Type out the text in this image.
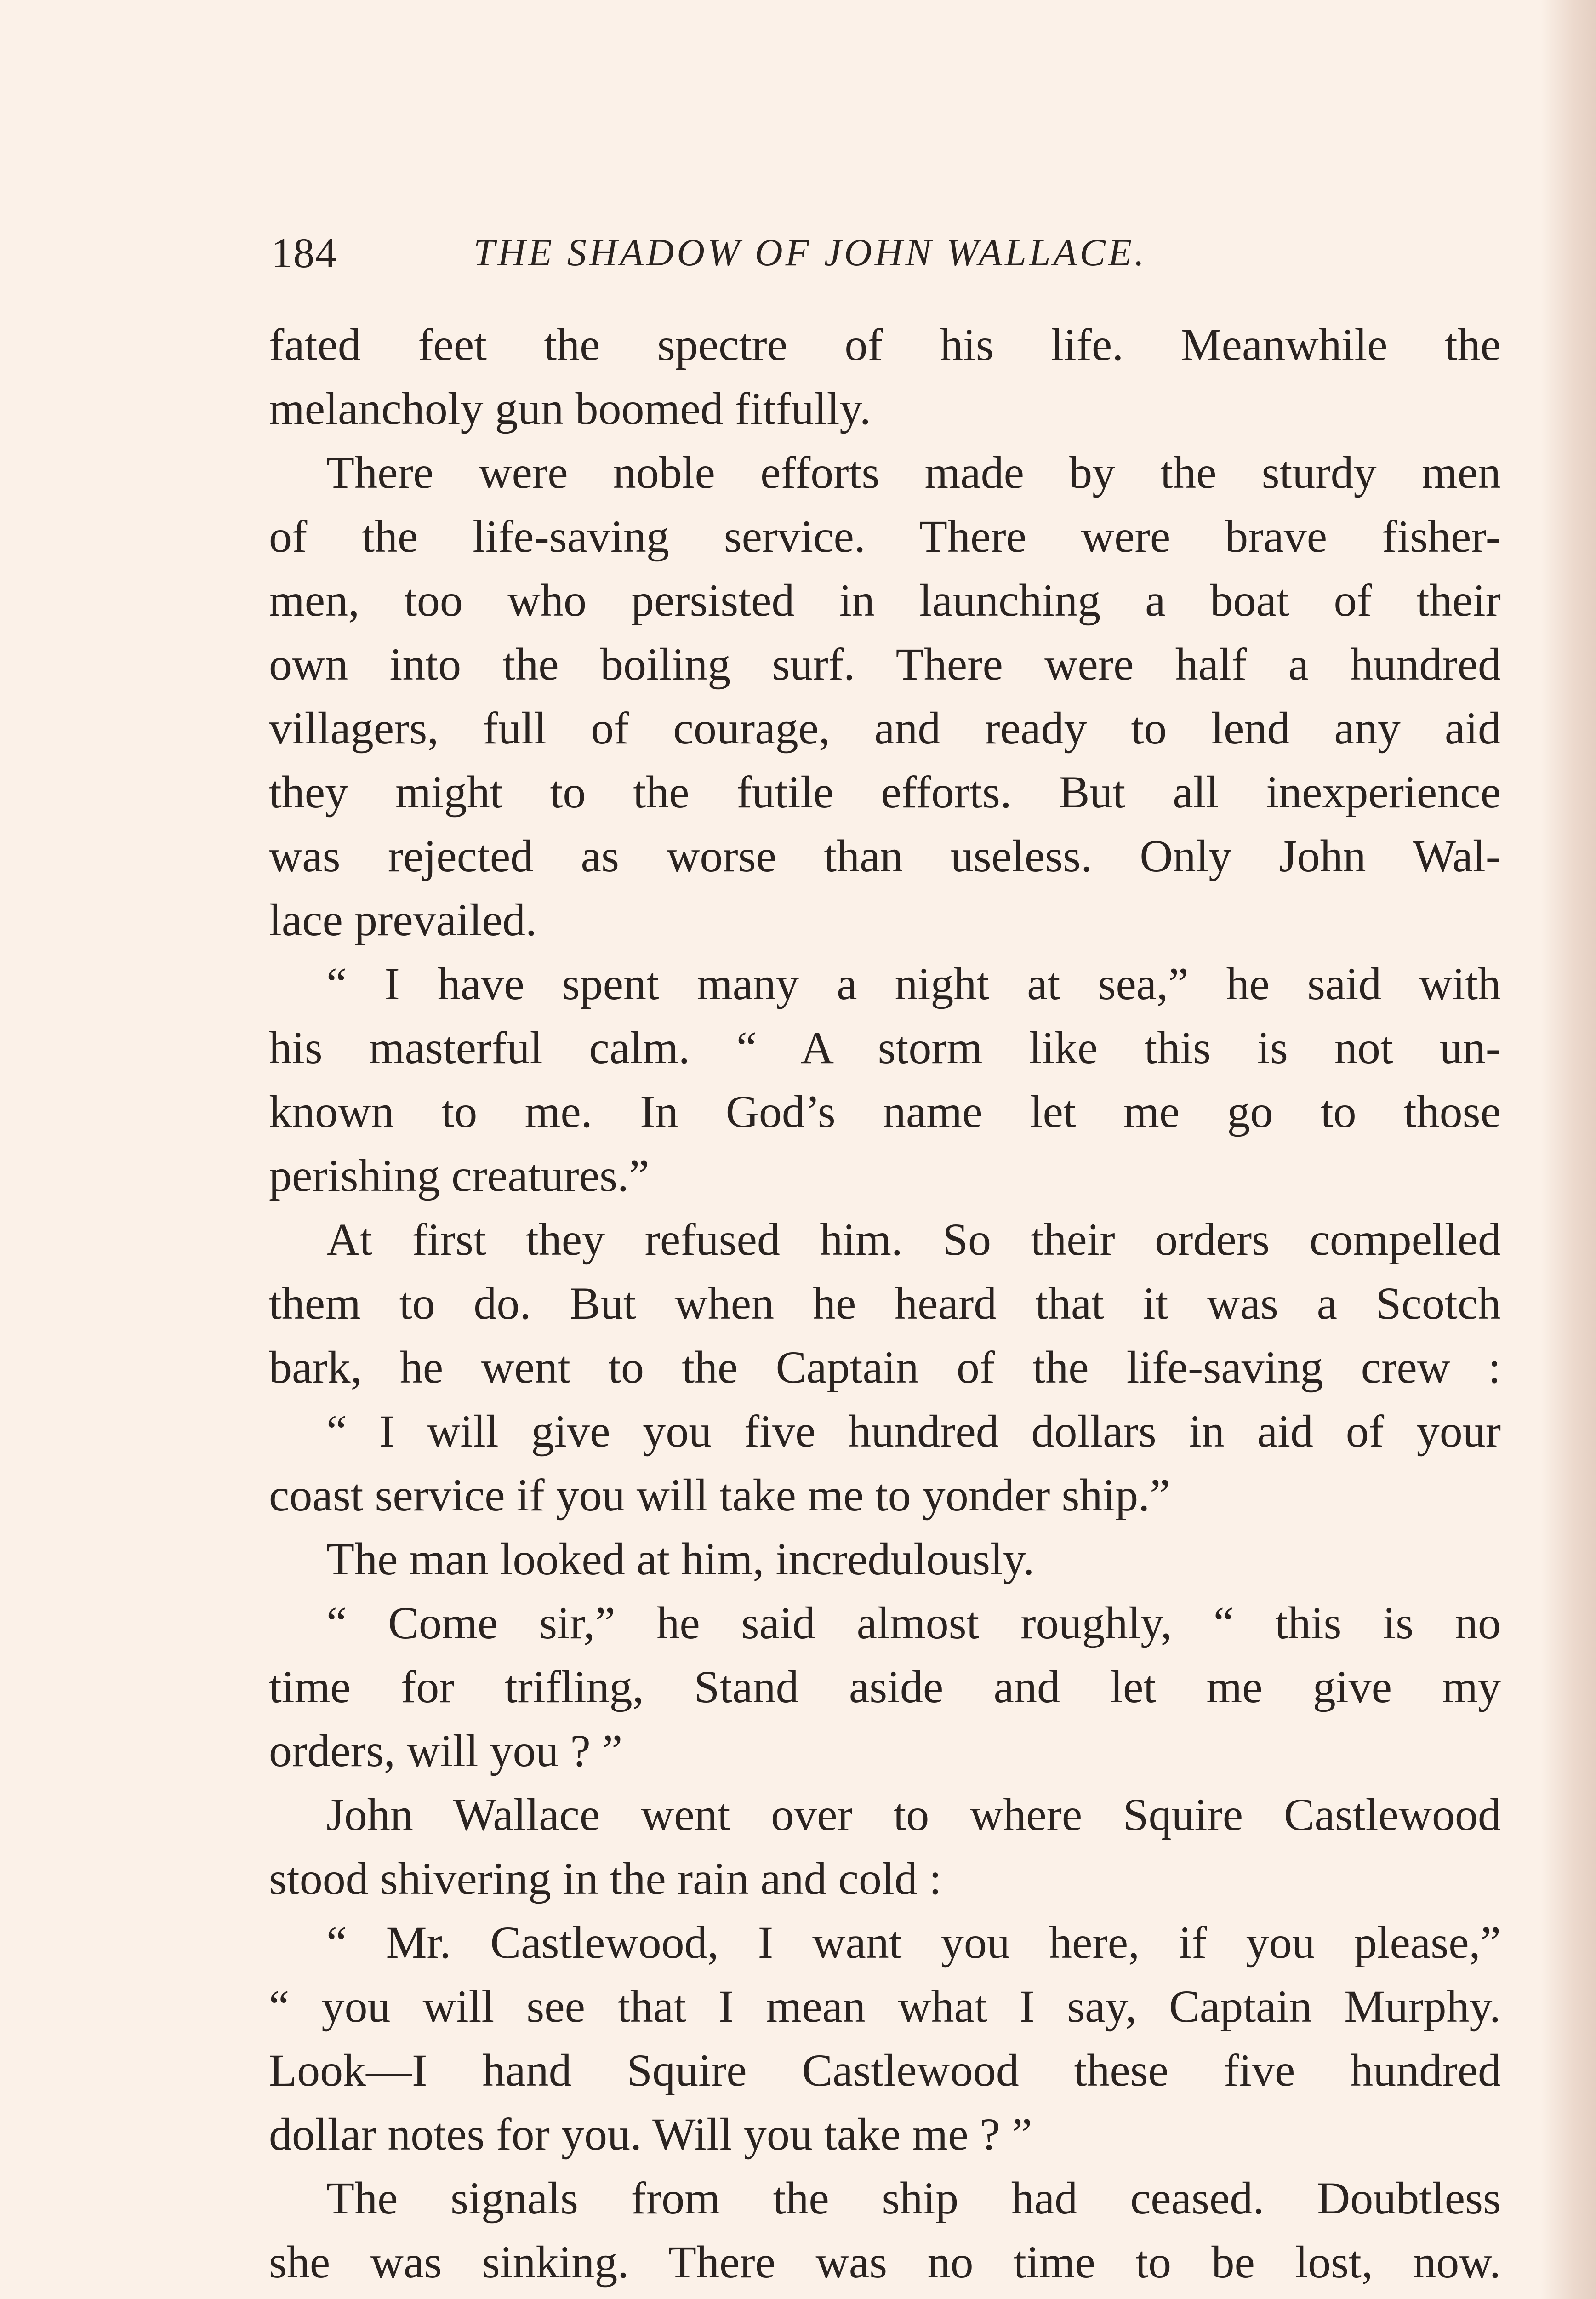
184	THE SHADOW OF JOHN WALLACE.
fated feet the spectre of his life. Meanwhile the
melancholy gun boomed fitfully.
There were noble efforts made by the sturdy men
of the life-saving service. There were brave fisher-
men, too who persisted in launching a boat of their
own into the boiling surf. There were half a hundred
villagers, full of courage, and ready to lend any aid
they might to the futile efforts. But all inexperience
was rejected as worse than useless. Only John Wal-
lace prevailed.
“ I have spent many a night at sea,” he said with
his masterful calm. “ A storm like this is not un-
known to me. In God’s name let me go to those
perishing creatures.”
At first they refused him. So their orders compelled
them to do. But when he heard that it was a Scotch
bark, he went to the Captain of the life-saving crew :
“ I will give you five hundred dollars in aid of your
coast service if you will take me to yonder ship.”
The man looked at him, incredulously.
“ Come sir,” he said almost roughly, “ this is no
time for trifling, Stand aside and let me give my
orders, will you ? ”
John Wallace went over to where Squire Castlewood
stood shivering in the rain and cold :
“ Mr. Castlewood, I want you here, if you please,”
“ you will see that I mean what I say, Captain Murphy.
Look—I hand Squire Castlewood these five hundred
dollar notes for you. Will you take me ? ”
The signals from the ship had ceased. Doubtless
she was sinking. There was no time to be lost, now.
